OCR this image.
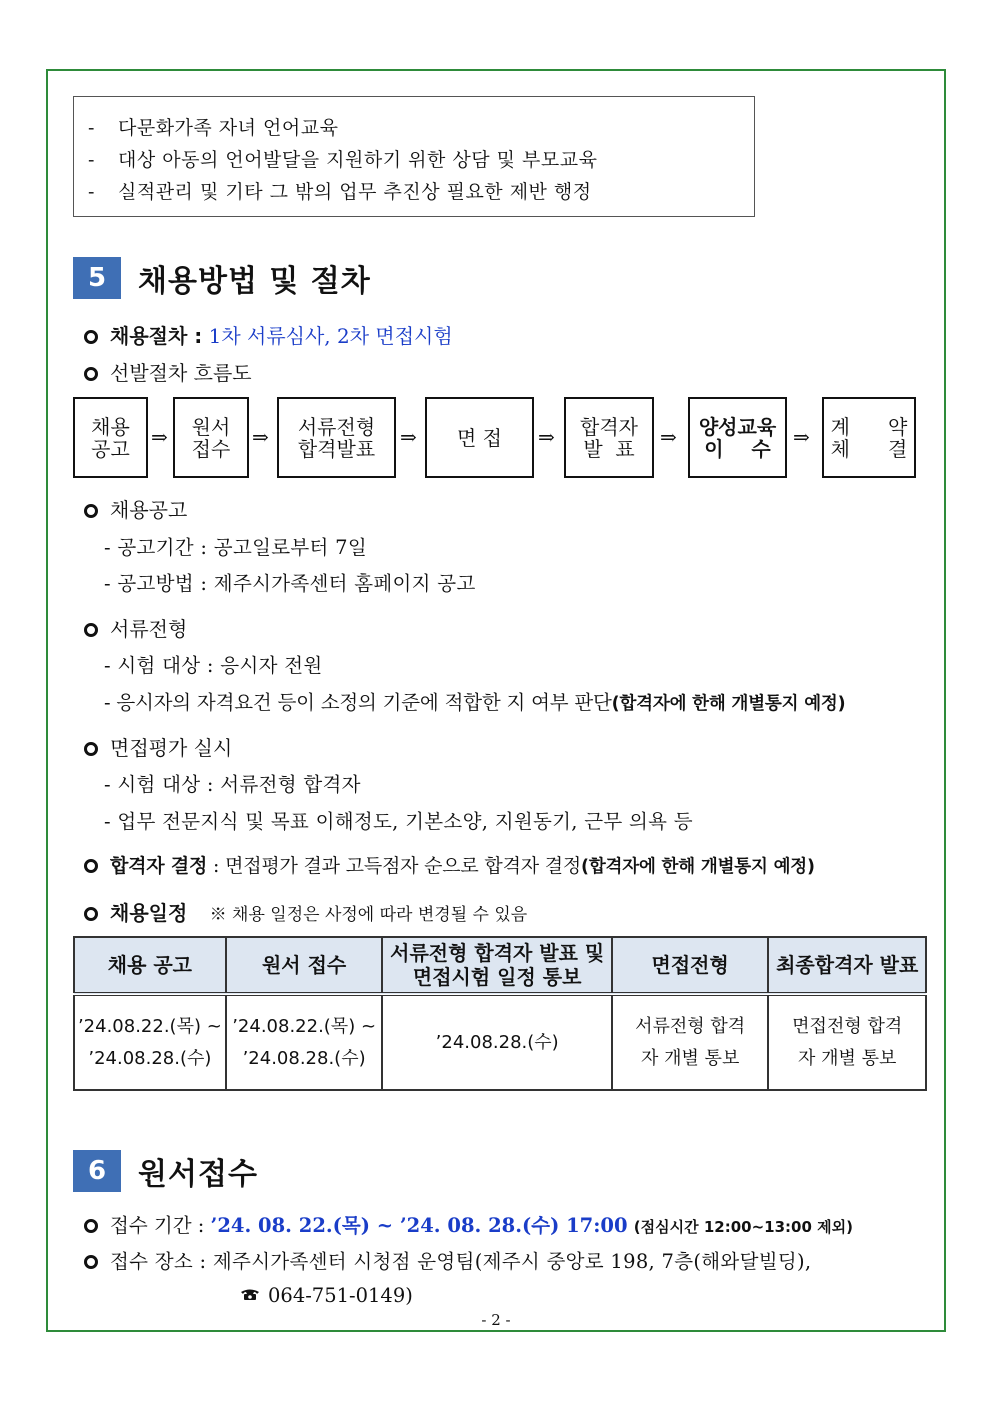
- 다문화가족 자녀 언어교육
- 대상 아동의 언어발달을 지원하기 위한 상담 및 부모교육
- 실적관리 및 기타 그 밖의 업무 추진상 필요한 제반 행정
5	채용방법 및 절차
채용절차 : 1차 서류심사, 2차 면접시험
선발절차 흐름도
채용
공고 ⇒ 원서
접수 ⇒ 서류전형
합격발표 ⇒ 면 접 ⇒ 합격자
발  표 ⇒ 양성교육
이    수 ⇒ 계      약
체      결
채용공고
- 공고기간 : 공고일로부터 7일
- 공고방법 : 제주시가족센터 홈페이지 공고
서류전형
- 시험 대상 : 응시자 전원
- 응시자의 자격요건 등이 소정의 기준에 적합한 지 여부 판단(합격자에 한해 개별통지 예정)
면접평가 실시
- 시험 대상 : 서류전형 합격자
- 업무 전문지식 및 목표 이해정도, 기본소양, 지원동기, 근무 의욕 등
합격자 결정 : 면접평가 결과 고득점자 순으로 합격자 결정(합격자에 한해 개별통지 예정)
채용일정 ※ 채용 일정은 사정에 따라 변경될 수 있음
채용 공고	원서 접수	서류전형 합격자 발표 및 면접시험 일정 통보	면접전형	최종합격자 발표
’24.08.22.(목) ~ ’24.08.28.(수)	’24.08.22.(목) ~ ’24.08.28.(수)	’24.08.28.(수)	서류전형 합격자 개별 통보	면접전형 합격자 개별 통보
6	원서접수
접수 기간 : ’24. 08. 22.(목) ~ ’24. 08. 28.(수) 17:00 (점심시간 12:00~13:00 제외)
접수 장소 : 제주시가족센터 시청점 운영팀(제주시 중앙로 198, 7층(해와달빌딩),
064-751-0149)
- 2 -
